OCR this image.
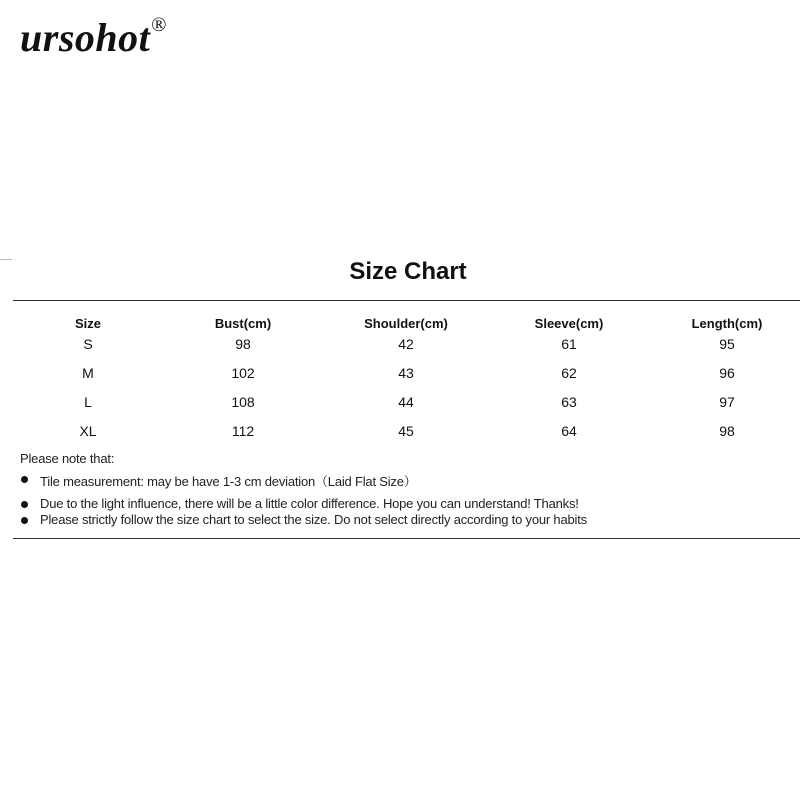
ursohot®
Size Chart
Size	Bust(cm)	Shoulder(cm)	Sleeve(cm)	Length(cm)
S	98	42	61	95
M	102	43	62	96
L	108	44	63	97
XL	112	45	64	98
Please note that:
Tile measurement: may be have 1-3 cm deviation（Laid Flat Size）
Due to the light influence, there will be a little color difference. Hope you can understand! Thanks!
Please strictly follow the size chart to select the size. Do not select directly according to your habits
